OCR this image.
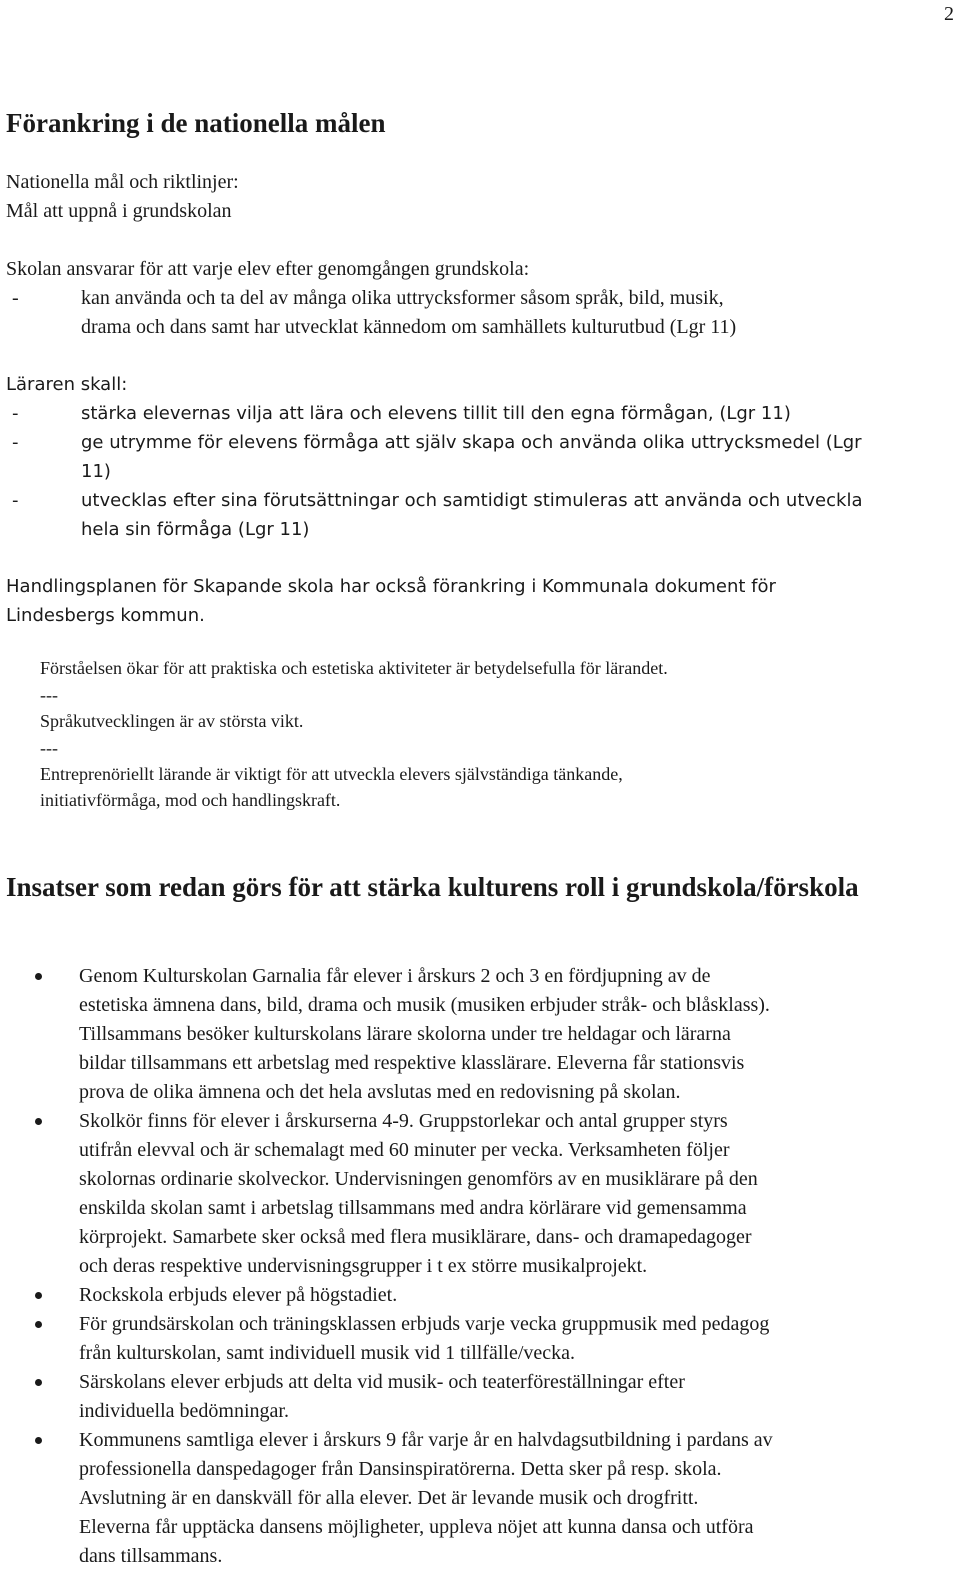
2
Förankring i de nationella målen
Nationella mål och riktlinjer:
Mål att uppnå i grundskolan
Skolan ansvarar för att varje elev efter genomgången grundskola:
-	kan använda och ta del av många olika uttrycksformer såsom språk, bild, musik,
drama och dans samt har utvecklat kännedom om samhällets kulturutbud (Lgr 11)
Läraren skall:
-	stärka elevernas vilja att lära och elevens tillit till den egna förmågan, (Lgr 11)
-	ge utrymme för elevens förmåga att själv skapa och använda olika uttrycksmedel (Lgr
11)
-	utvecklas efter sina förutsättningar och samtidigt stimuleras att använda och utveckla
hela sin förmåga (Lgr 11)
Handlingsplanen för Skapande skola har också förankring i Kommunala dokument för
Lindesbergs kommun.
Förståelsen ökar för att praktiska och estetiska aktiviteter är betydelsefulla för lärandet.
---
Språkutvecklingen är av största vikt.
---
Entreprenöriellt lärande är viktigt för att utveckla elevers självständiga tänkande,
initiativförmåga, mod och handlingskraft.
Insatser som redan görs för att stärka kulturens roll i grundskola/förskola
Genom Kulturskolan Garnalia får elever i årskurs 2 och 3 en fördjupning av de
estetiska ämnena dans, bild, drama och musik (musiken erbjuder stråk- och blåsklass).
Tillsammans besöker kulturskolans lärare skolorna under tre heldagar och lärarna
bildar tillsammans ett arbetslag med respektive klasslärare. Eleverna får stationsvis
prova de olika ämnena och det hela avslutas med en redovisning på skolan.
Skolkör finns för elever i årskurserna 4-9. Gruppstorlekar och antal grupper styrs
utifrån elevval och är schemalagt med 60 minuter per vecka. Verksamheten följer
skolornas ordinarie skolveckor. Undervisningen genomförs av en musiklärare på den
enskilda skolan samt i arbetslag tillsammans med andra körlärare vid gemensamma
körprojekt. Samarbete sker också med flera musiklärare, dans- och dramapedagoger
och deras respektive undervisningsgrupper i t ex större musikalprojekt.
Rockskola erbjuds elever på högstadiet.
För grundsärskolan och träningsklassen erbjuds varje vecka gruppmusik med pedagog
från kulturskolan, samt individuell musik vid 1 tillfälle/vecka.
Särskolans elever erbjuds att delta vid musik- och teaterföreställningar efter
individuella bedömningar.
Kommunens samtliga elever i årskurs 9 får varje år en halvdagsutbildning i pardans av
professionella danspedagoger från Dansinspiratörerna. Detta sker på resp. skola.
Avslutning är en danskväll för alla elever. Det är levande musik och drogfritt.
Eleverna får upptäcka dansens möjligheter, uppleva nöjet att kunna dansa och utföra
dans tillsammans.
